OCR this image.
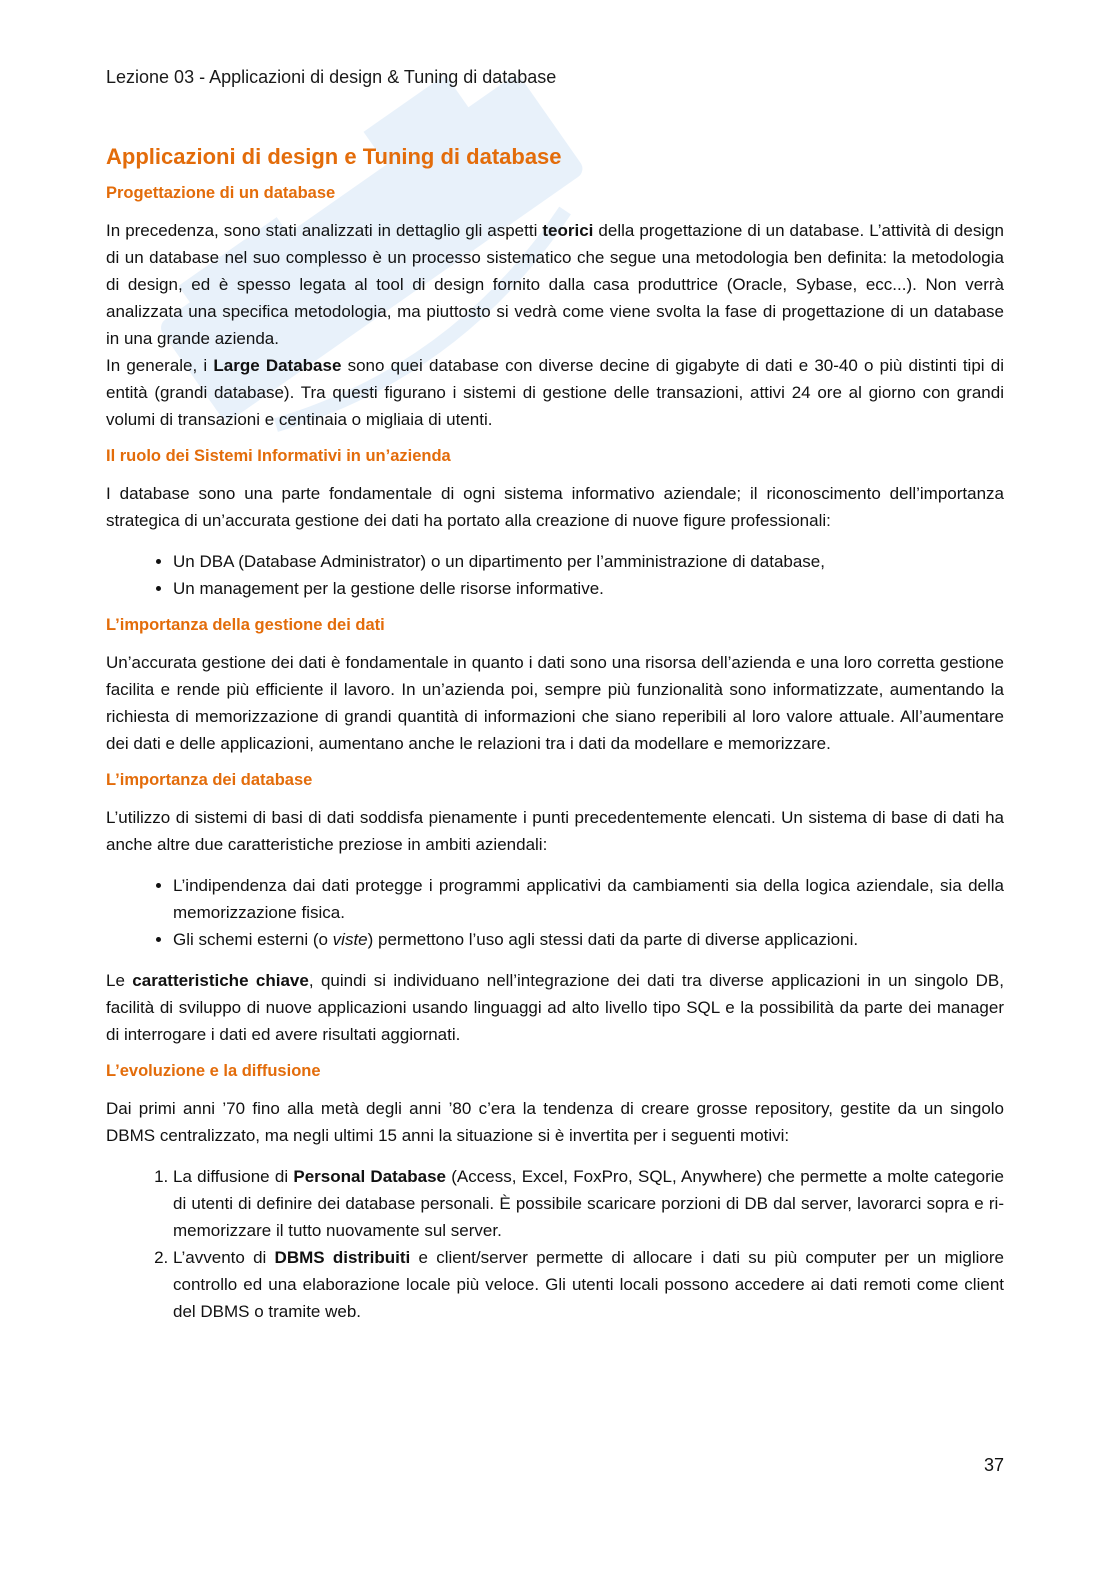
Lezione 03 - Applicazioni di design & Tuning di database
Applicazioni di design e Tuning di database
Progettazione di un database

In precedenza, sono stati analizzati in dettaglio gli aspetti teorici della progettazione di un database. L’attività di design di un database nel suo complesso è un processo sistematico che segue una metodologia ben definita: la metodologia di design, ed è spesso legata al tool di design fornito dalla casa produttrice (Oracle, Sybase, ecc...). Non verrà analizzata una specifica metodologia, ma piuttosto si vedrà come viene svolta la fase di progettazione di un database in una grande azienda.

In generale, i Large Database sono quei database con diverse decine di gigabyte di dati e 30-40 o più distinti tipi di entità (grandi database). Tra questi figurano i sistemi di gestione delle transazioni, attivi 24 ore al giorno con grandi volumi di transazioni e centinaia o migliaia di utenti.

Il ruolo dei Sistemi Informativi in un’azienda

I database sono una parte fondamentale di ogni sistema informativo aziendale; il riconoscimento dell’importanza strategica di un’accurata gestione dei dati ha portato alla creazione di nuove figure professionali:

• Un DBA (Database Administrator) o un dipartimento per l’amministrazione di database,
• Un management per la gestione delle risorse informative.
L’importanza della gestione dei dati

Un’accurata gestione dei dati è fondamentale in quanto i dati sono una risorsa dell’azienda e una loro corretta gestione facilita e rende più efficiente il lavoro. In un’azienda poi, sempre più funzionalità sono informatizzate, aumentando la richiesta di memorizzazione di grandi quantità di informazioni che siano reperibili al loro valore attuale. All’aumentare dei dati e delle applicazioni, aumentano anche le relazioni tra i dati da modellare e memorizzare.

L’importanza dei database

L’utilizzo di sistemi di basi di dati soddisfa pienamente i punti precedentemente elencati. Un sistema di base di dati ha anche altre due caratteristiche preziose in ambiti aziendali:

• L’indipendenza dai dati protegge i programmi applicativi da cambiamenti sia della logica aziendale, sia della memorizzazione fisica.
• Gli schemi esterni (o viste) permettono l’uso agli stessi dati da parte di diverse applicazioni.

Le caratteristiche chiave, quindi si individuano nell’integrazione dei dati tra diverse applicazioni in un singolo DB, facilità di sviluppo di nuove applicazioni usando linguaggi ad alto livello tipo SQL e la possibilità da parte dei manager di interrogare i dati ed avere risultati aggiornati.

L’evoluzione e la diffusione

Dai primi anni ’70 fino alla metà degli anni ’80 c’era la tendenza di creare grosse repository, gestite da un singolo DBMS centralizzato, ma negli ultimi 15 anni la situazione si è invertita per i seguenti motivi:

1. La diffusione di Personal Database (Access, Excel, FoxPro, SQL, Anywhere) che permette a molte categorie di utenti di definire dei database personali. È possibile scaricare porzioni di DB dal server, lavorarci sopra e ri-memorizzare il tutto nuovamente sul server.
2. L’avvento di DBMS distribuiti e client/server permette di allocare i dati su più computer per un migliore controllo ed una elaborazione locale più veloce. Gli utenti locali possono accedere ai dati remoti come client del DBMS o tramite web.
37
